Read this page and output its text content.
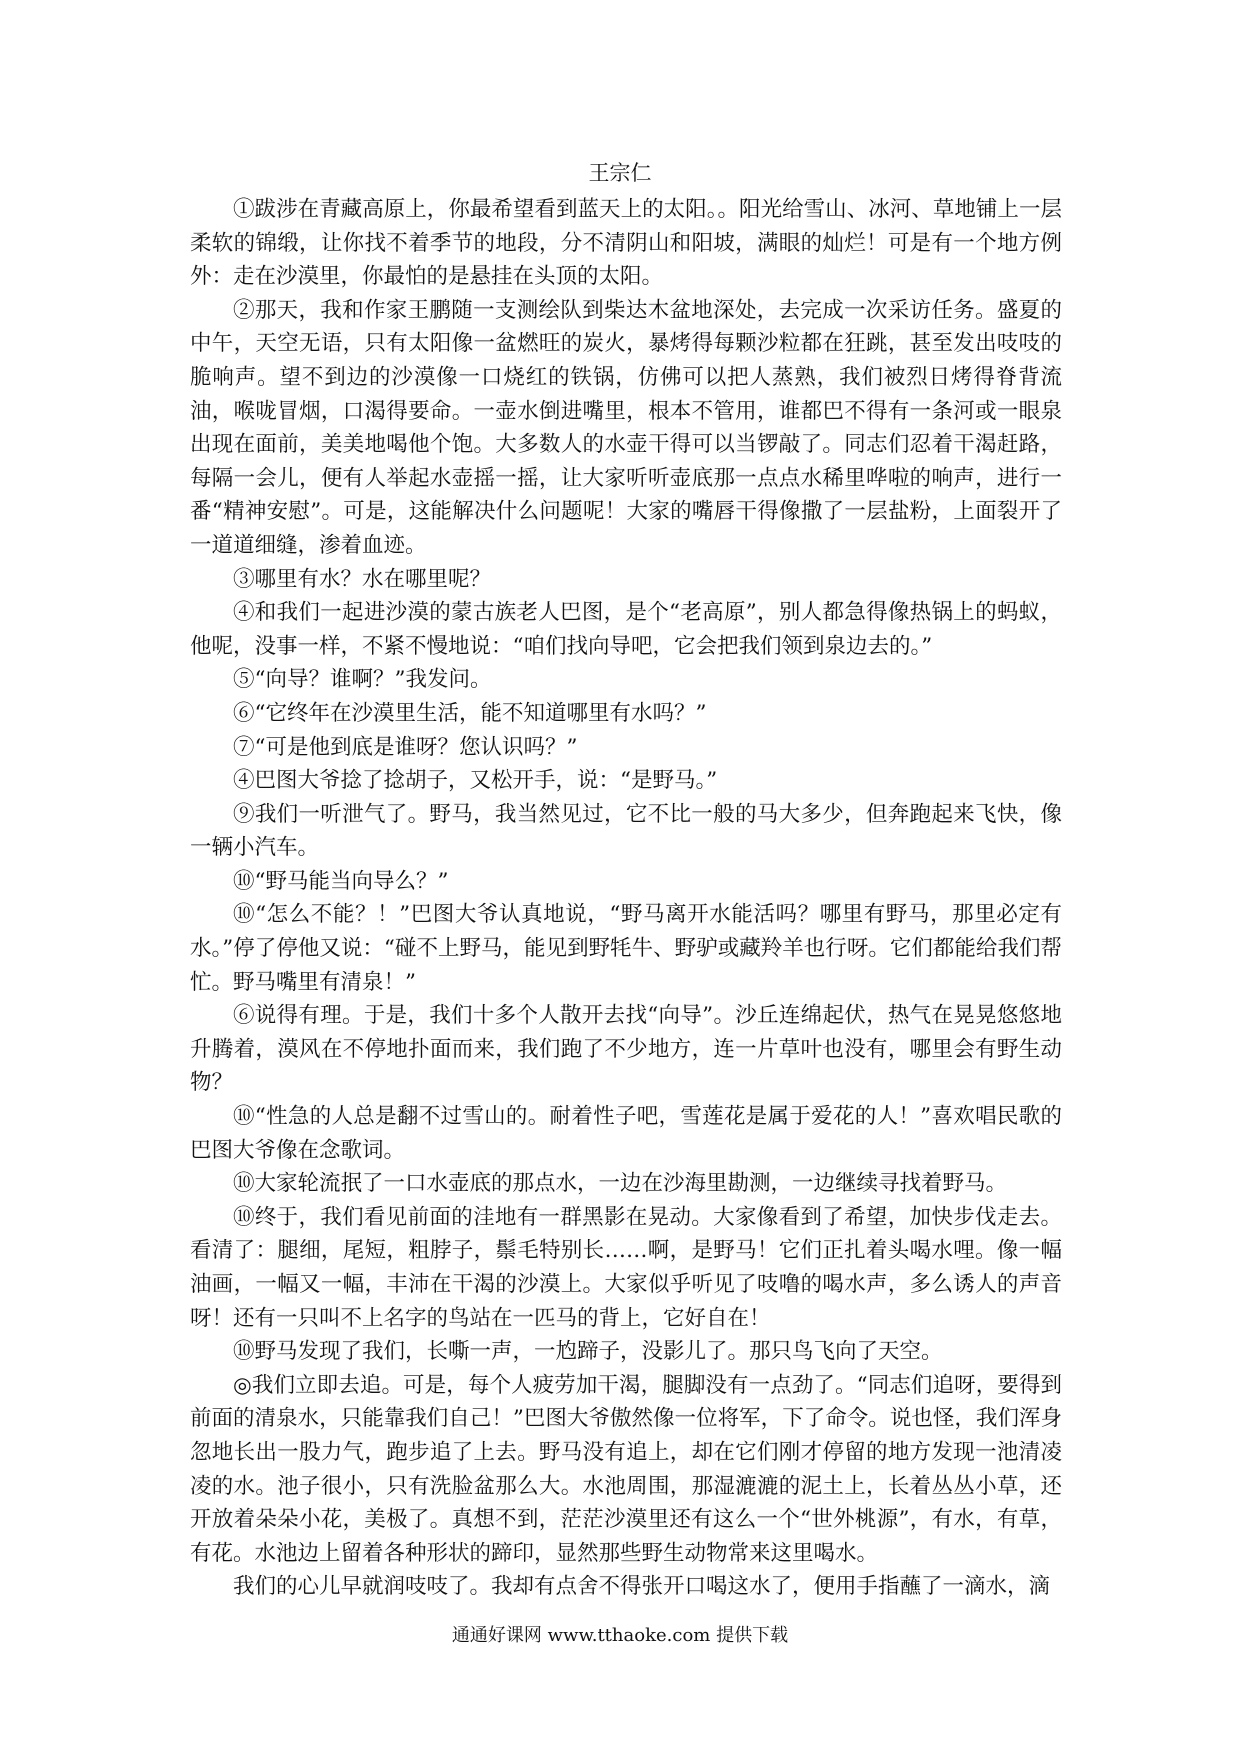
王宗仁

①跋涉在青藏高原上，你最希望看到蓝天上的太阳。。阳光给雪山、冰河、草地铺上一层柔软的锦缎，让你找不着季节的地段，分不清阴山和阳坡，满眼的灿烂！可是有一个地方例外：走在沙漠里，你最怕的是悬挂在头顶的太阳。

②那天，我和作家王鹏随一支测绘队到柴达木盆地深处，去完成一次采访任务。盛夏的中午，天空无语，只有太阳像一盆燃旺的炭火，暴烤得每颗沙粒都在狂跳，甚至发出吱吱的脆响声。望不到边的沙漠像一口烧红的铁锅，仿佛可以把人蒸熟，我们被烈日烤得脊背流油，喉咙冒烟，口渴得要命。一壶水倒进嘴里，根本不管用，谁都巴不得有一条河或一眼泉出现在面前，美美地喝他个饱。大多数人的水壶干得可以当锣敲了。同志们忍着干渴赶路，每隔一会儿，便有人举起水壶摇一摇，让大家听听壶底那一点点水稀里哗啦的响声，进行一番“精神安慰”。可是，这能解决什么问题呢！大家的嘴唇干得像撒了一层盐粉，上面裂开了一道道细缝，渗着血迹。

③哪里有水？水在哪里呢？

④和我们一起进沙漠的蒙古族老人巴图，是个“老高原”，别人都急得像热锅上的蚂蚁，他呢，没事一样，不紧不慢地说：“咱们找向导吧，它会把我们领到泉边去的。”

⑤“向导？谁啊？”我发问。

⑥“它终年在沙漠里生活，能不知道哪里有水吗？”

⑦“可是他到底是谁呀？您认识吗？”

④巴图大爷捻了捻胡子，又松开手，说：“是野马。”

⑨我们一听泄气了。野马，我当然见过，它不比一般的马大多少，但奔跑起来飞快，像一辆小汽车。

⑩“野马能当向导么？”

⑩“怎么不能？！”巴图大爷认真地说，“野马离开水能活吗？哪里有野马，那里必定有水。”停了停他又说：“碰不上野马，能见到野牦牛、野驴或藏羚羊也行呀。它们都能给我们帮忙。野马嘴里有清泉！”

⑥说得有理。于是，我们十多个人散开去找“向导”。沙丘连绵起伏，热气在晃晃悠悠地升腾着，漠风在不停地扑面而来，我们跑了不少地方，连一片草叶也没有，哪里会有野生动物？

⑩“性急的人总是翻不过雪山的。耐着性子吧，雪莲花是属于爱花的人！”喜欢唱民歌的巴图大爷像在念歌词。

⑩大家轮流抿了一口水壶底的那点水，一边在沙海里勘测，一边继续寻找着野马。

⑩终于，我们看见前面的洼地有一群黑影在晃动。大家像看到了希望，加快步伐走去。看清了：腿细，尾短，粗脖子，鬃毛特别长……啊，是野马！它们正扎着头喝水哩。像一幅油画，一幅又一幅，丰沛在干渴的沙漠上。大家似乎听见了吱噜的喝水声，多么诱人的声音呀！还有一只叫不上名字的鸟站在一匹马的背上，它好自在！

⑩野马发现了我们，长嘶一声，一尥蹄子，没影儿了。那只鸟飞向了天空。

◎我们立即去追。可是，每个人疲劳加干渴，腿脚没有一点劲了。“同志们追呀，要得到前面的清泉水，只能靠我们自己！”巴图大爷傲然像一位将军，下了命令。说也怪，我们浑身忽地长出一股力气，跑步追了上去。野马没有追上，却在它们刚才停留的地方发现一池清凌凌的水。池子很小，只有洗脸盆那么大。水池周围，那湿漉漉的泥土上，长着丛丛小草，还开放着朵朵小花，美极了。真想不到，茫茫沙漠里还有这么一个“世外桃源”，有水，有草，有花。水池边上留着各种形状的蹄印，显然那些野生动物常来这里喝水。

我们的心儿早就润吱吱了。我却有点舍不得张开口喝这水了，便用手指蘸了一滴水，滴

通通好课网 www.tthaoke.com 提供下载
